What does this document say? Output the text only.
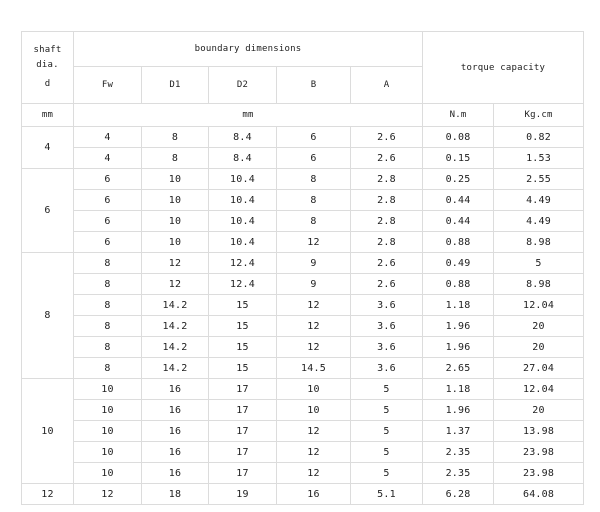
shaft
dia.
d	boundary dimensions					torque capacity	
	Fw	D1	D2	B	A		
mm	mm					N.m	Kg.cm
4	4	8	8.4	6	2.6	0.08	0.82
	4	8	8.4	6	2.6	0.15	1.53
6	6	10	10.4	8	2.8	0.25	2.55
	6	10	10.4	8	2.8	0.44	4.49
	6	10	10.4	8	2.8	0.44	4.49
	6	10	10.4	12	2.8	0.88	8.98
8	8	12	12.4	9	2.6	0.49	5
	8	12	12.4	9	2.6	0.88	8.98
	8	14.2	15	12	3.6	1.18	12.04
	8	14.2	15	12	3.6	1.96	20
	8	14.2	15	12	3.6	1.96	20
	8	14.2	15	14.5	3.6	2.65	27.04
10	10	16	17	10	5	1.18	12.04
	10	16	17	10	5	1.96	20
	10	16	17	12	5	1.37	13.98
	10	16	17	12	5	2.35	23.98
	10	16	17	12	5	2.35	23.98
12	12	18	19	16	5.1	6.28	64.08
